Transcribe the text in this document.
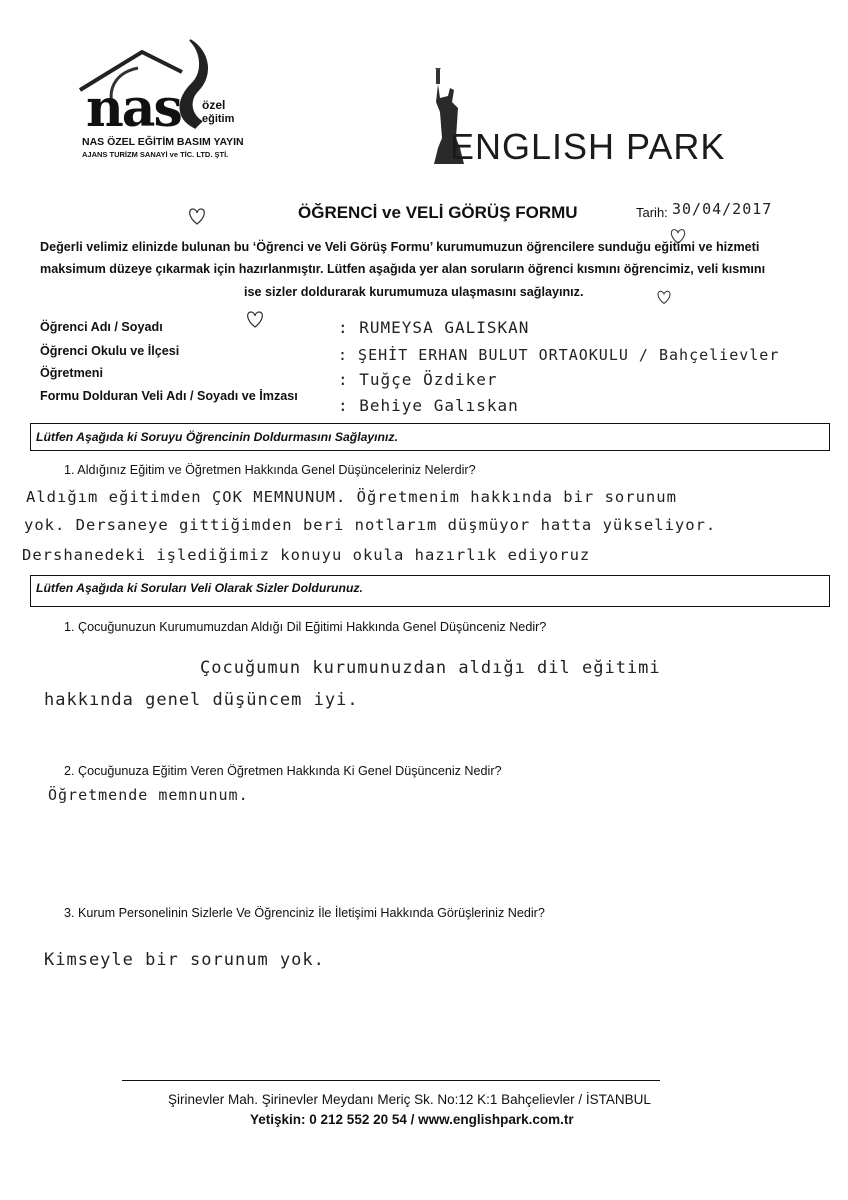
nas özel
eğitim
NAS ÖZEL EĞİTİM BASIM YAYIN
AJANS TURİZM SANAYİ ve TİC. LTD. ŞTİ.	ENGLISH PARK
ÖĞRENCİ ve VELİ GÖRÜŞ FORMU	Tarih: 30/04/2017
Değerli velimiz elinizde bulunan bu ‘Öğrenci ve Veli Görüş Formu’ kurumumuzun öğrencilere sunduğu eğitimi ve hizmeti
maksimum düzeye çıkarmak için hazırlanmıştır. Lütfen aşağıda yer alan soruların öğrenci kısmını öğrencimiz, veli kısmını
ise sizler doldurarak kurumumuza ulaşmasını sağlayınız.
Öğrenci Adı / Soyadı
Öğrenci Okulu ve İlçesi
Öğretmeni
Formu Dolduran Veli Adı / Soyadı ve İmzası
: RUMEYSA GALISKAN
: ŞEHİT ERHAN BULUT ORTAOKULU / Bahçelievler
: Tuğçe Özdiker
: Behiye Galıskan
Lütfen Aşağıda ki Soruyu Öğrencinin Doldurmasını Sağlayınız.
1. Aldığınız Eğitim ve Öğretmen Hakkında Genel Düşünceleriniz Nelerdir?
Aldığım eğitimden ÇOK MEMNUNUM. Öğretmenim hakkında bir sorunum
yok. Dersaneye gittiğimden beri notlarım düşmüyor hatta yükseliyor.
Dershanedeki işlediğimiz konuyu okula hazırlık ediyoruz
Lütfen Aşağıda ki Soruları Veli Olarak Sizler Doldurunuz.
1. Çocuğunuzun Kurumumuzdan Aldığı Dil Eğitimi Hakkında Genel Düşünceniz Nedir?
Çocuğumun kurumunuzdan aldığı dil eğitimi
hakkında genel düşüncem iyi.
2. Çocuğunuza Eğitim Veren Öğretmen Hakkında Ki Genel Düşünceniz Nedir?
Öğretmende memnunum.
3. Kurum Personelinin Sizlerle Ve Öğrenciniz İle İletişimi Hakkında Görüşleriniz Nedir?
Kimseyle bir sorunum yok.
Şirinevler Mah. Şirinevler Meydanı Meriç Sk. No:12 K:1 Bahçelievler / İSTANBUL
Yetişkin: 0 212 552 20 54 / www.englishpark.com.tr
